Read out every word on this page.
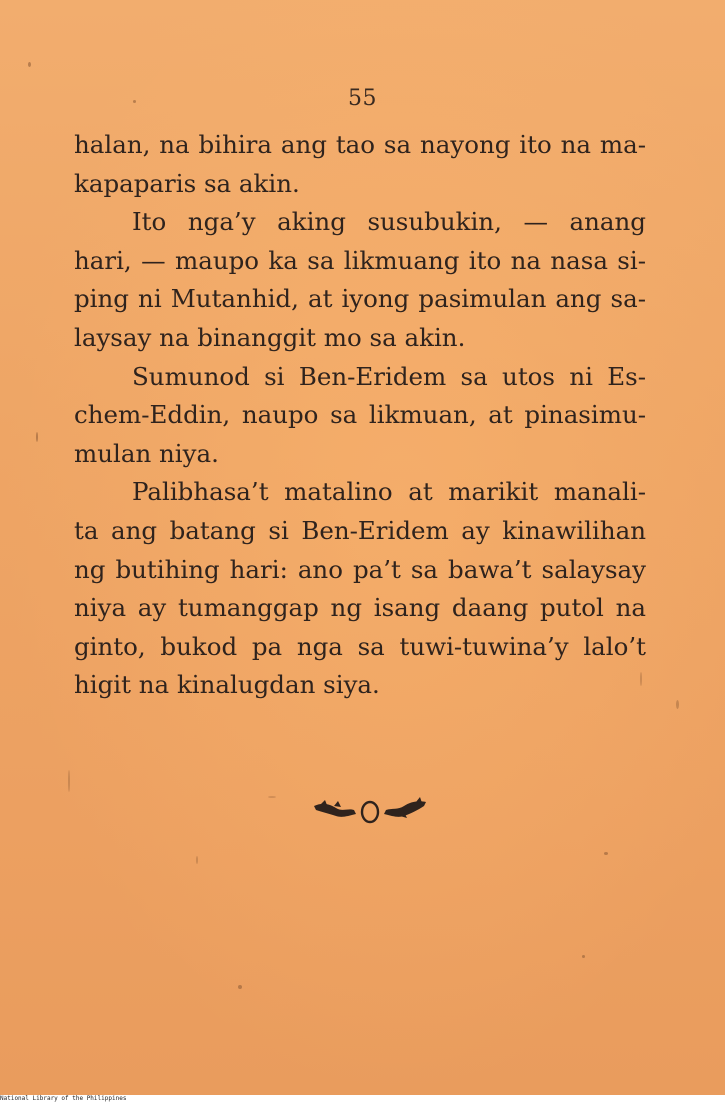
55
halan, na bihira ang tao sa nayong ito na ma-
kapaparis sa akin.
Ito nga’y aking susubukin, — anang
hari, — maupo ka sa likmuang ito na nasa si-
ping ni Mutanhid, at iyong pasimulan ang sa-
laysay na binanggit mo sa akin.
Sumunod si Ben-Eridem sa utos ni Es-
chem-Eddin, naupo sa likmuan, at pinasimu-
mulan niya.
Palibhasa’t matalino at marikit manali-
ta ang batang si Ben-Eridem ay kinawilihan
ng butihing hari: ano pa’t sa bawa’t salaysay
niya ay tumanggap ng isang daang putol na
ginto, bukod pa nga sa tuwi-tuwina’y lalo’t
higit na kinalugdan siya.
National Library of the Philippines
